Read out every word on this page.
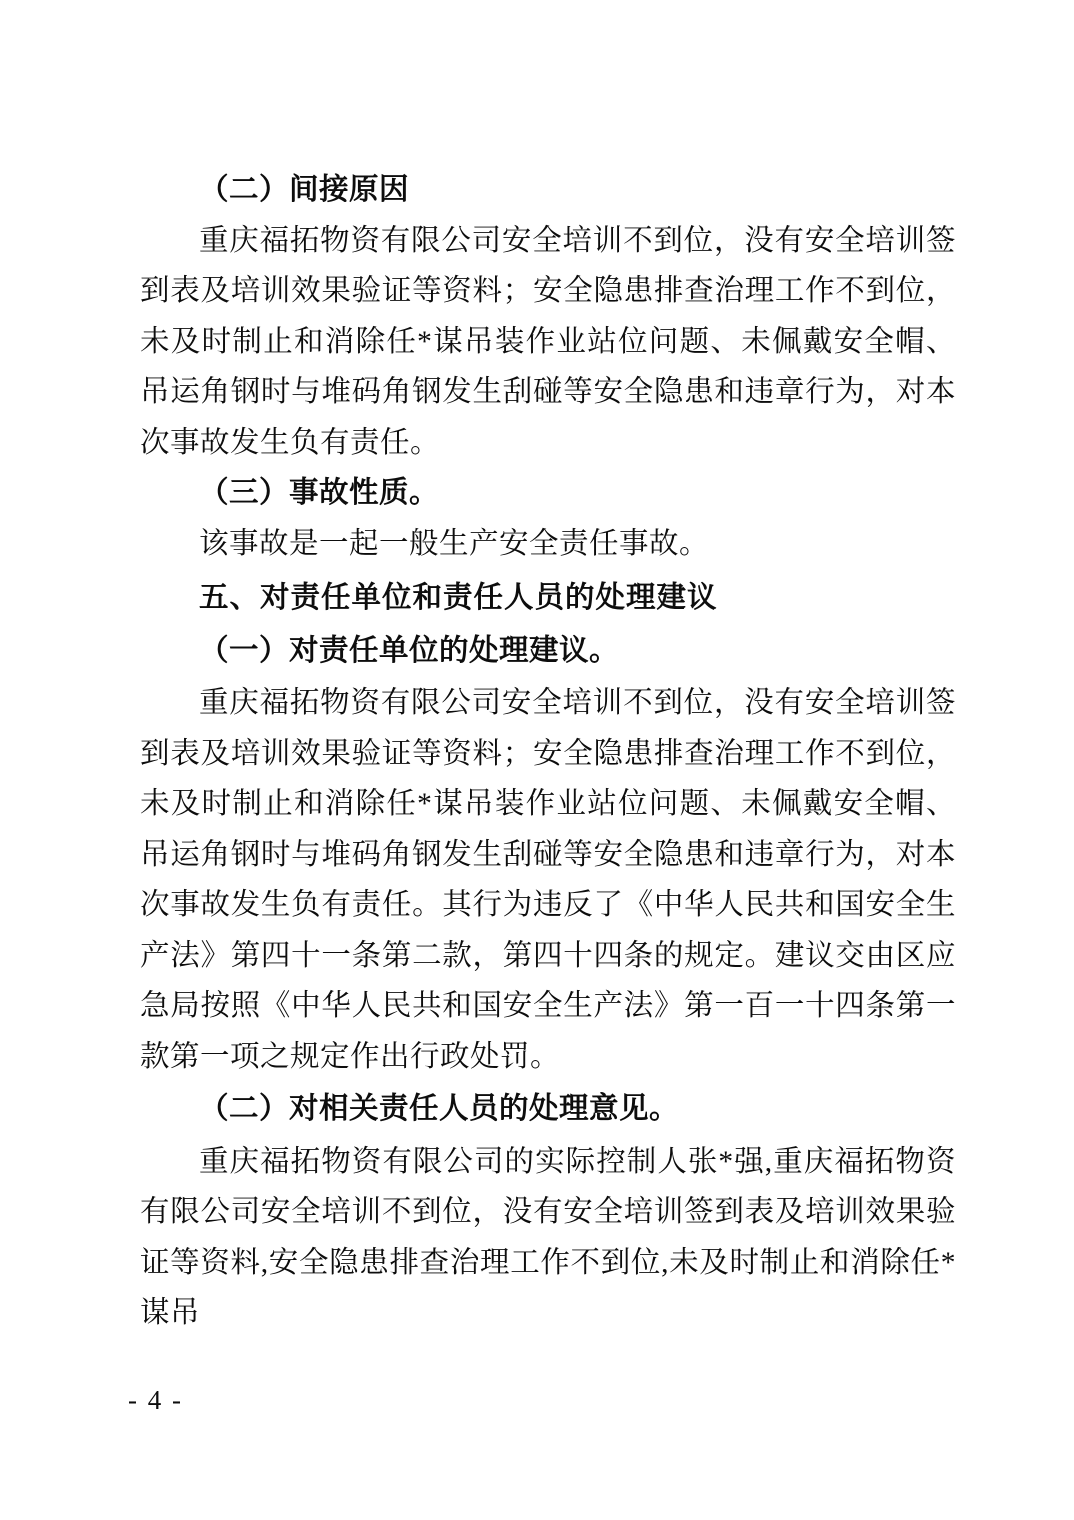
（二）间接原因

重庆福拓物资有限公司安全培训不到位，没有安全培训签到表及培训效果验证等资料；安全隐患排查治理工作不到位，未及时制止和消除任*谋吊装作业站位问题、未佩戴安全帽、吊运角钢时与堆码角钢发生刮碰等安全隐患和违章行为，对本次事故发生负有责任。

（三）事故性质。

该事故是一起一般生产安全责任事故。

五、对责任单位和责任人员的处理建议

（一）对责任单位的处理建议。

重庆福拓物资有限公司安全培训不到位，没有安全培训签到表及培训效果验证等资料；安全隐患排查治理工作不到位，未及时制止和消除任*谋吊装作业站位问题、未佩戴安全帽、吊运角钢时与堆码角钢发生刮碰等安全隐患和违章行为，对本次事故发生负有责任。其行为违反了《中华人民共和国安全生产法》第四十一条第二款，第四十四条的规定。建议交由区应急局按照《中华人民共和国安全生产法》第一百一十四条第一款第一项之规定作出行政处罚。

（二）对相关责任人员的处理意见。

重庆福拓物资有限公司的实际控制人张*强,重庆福拓物资有限公司安全培训不到位，没有安全培训签到表及培训效果验证等资料,安全隐患排查治理工作不到位,未及时制止和消除任*谋吊

- 4 -
